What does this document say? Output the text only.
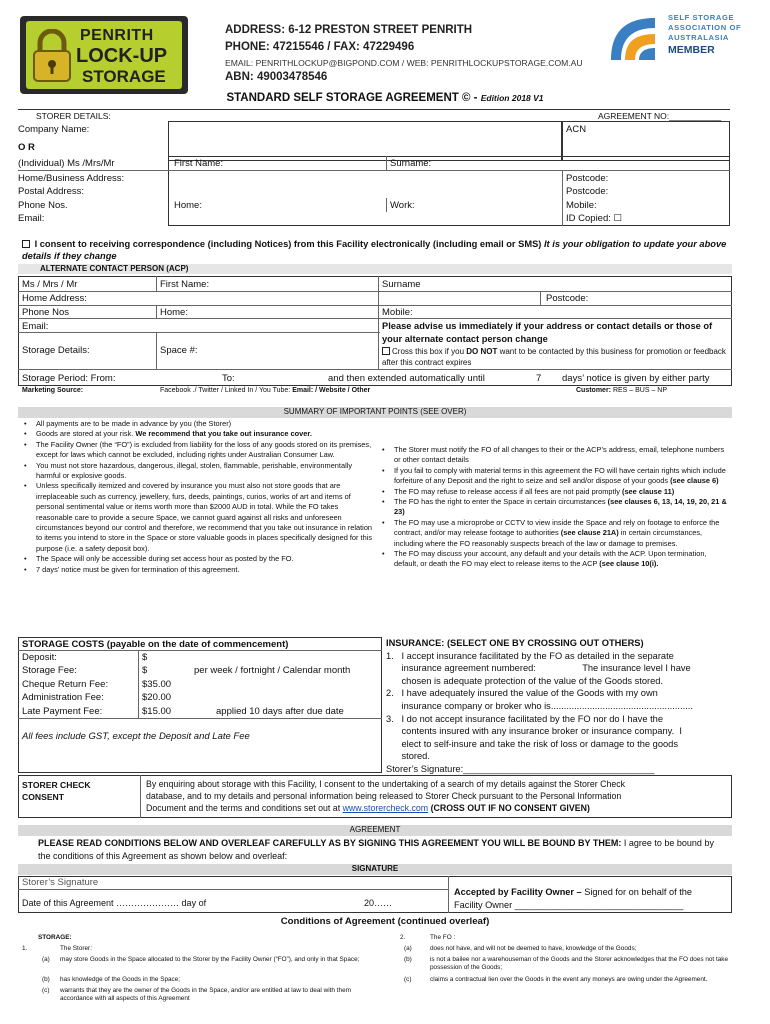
PENRITH
LOCK-UP
STORAGE
ADDRESS: 6-12 PRESTON STREET PENRITH
PHONE: 47215546 / FAX: 47229496
EMAIL: PENRITHLOCKUP@BIGPOND.COM / WEB: PENRITHLOCKUPSTORAGE.COM.AU
ABN: 49003478546
SELF STORAGE
ASSOCIATION OF
AUSTRALASIA
MEMBER
STANDARD SELF STORAGE AGREEMENT © - Edition 2018 V1
STORER DETAILS:	AGREEMENT NO:___________
Company Name:	ACN
O R
(Individual) Ms /Mrs/Mr	First Name:	Surname:
Home/Business Address:	Postcode:
Postal Address:	Postcode:
Phone Nos.	Home:	Work:	Mobile:
Email:	ID Copied: ☐
I consent to receiving correspondence (including Notices) from this Facility electronically (including email or SMS) It is your obligation to update your above details if they change
ALTERNATE CONTACT PERSON (ACP)
Ms / Mrs / Mr	First Name:	Surname
Home Address:	Postcode:
Phone Nos	Home:	Mobile:
Email:	Please advise us immediately if your address or contact details or those of your alternate contact person change
Storage Details:	Space #:	Cross this box if you DO NOT want to be contacted by this business for promotion or feedback after this contract expires
Storage Period: From:	To:	and then extended automatically until	7 days’ notice is given by either party
Marketing Source:	Facebook ./ Twitter / Linked In / You Tube: Email: / Website / Other	Customer: RES – BUS – NP
SUMMARY OF IMPORTANT POINTS (SEE OVER)
• All payments are to be made in advance by you (the Storer)
• Goods are stored at your risk. We recommend that you take out insurance cover.
• The Facility Owner (the “FO”) is excluded from liability for the loss of any goods stored on its premises, except for laws which cannot be excluded, including rights under Australian Consumer Law.
• You must not store hazardous, dangerous, illegal, stolen, flammable, perishable, environmentally harmful or explosive goods.
• Unless specifically itemized and covered by insurance you must also not store goods that are irreplaceable such as currency, jewellery, furs, deeds, paintings, curios, works of art and items of personal sentimental value or items worth more than $2000 AUD in total. While the FO takes reasonable care to provide a secure Space, we cannot guard against all risks and unforeseen circumstances beyond our control and therefore, we recommend that you take out insurance in relation to items you intend to store in the Space or store valuable goods in places specifically designed for this purpose (i.e. a safety deposit box).
• The Space will only be accessible during set access hour as posted by the FO.
• 7 days’ notice must be given for termination of this agreement.
• The Storer must notify the FO of all changes to their or the ACP’s address, email, telephone numbers or other contact details
• If you fail to comply with material terms in this agreement the FO will have certain rights which include forfeiture of any Deposit and the right to seize and sell and/or dispose of your goods (see clause 6)
• The FO may refuse to release access if all fees are not paid promptly (see clause 11)
• The FO has the right to enter the Space in certain circumstances (see clauses 6, 13, 14, 19, 20, 21 & 23)
• The FO may use a microprobe or CCTV to view inside the Space and rely on footage to enforce the contract, and/or may release footage to authorities (see clause 21A) in certain circumstances, including where the FO reasonably suspects breach of the law or damage to premises.
• The FO may discuss your account, any default and your details with the ACP. Upon termination, default, or death the FO may elect to release items to the ACP (see clause 10(i).
STORAGE COSTS (payable on the date of commencement)
Deposit:	$
Storage Fee:	$	per week / fortnight / Calendar month
Cheque Return Fee:	$35.00
Administration Fee:	$20.00
Late Payment Fee:	$15.00	applied 10 days after due date
All fees include GST, except the Deposit and Late Fee
INSURANCE: (SELECT ONE BY CROSSING OUT OTHERS)
1.   I accept insurance facilitated by the FO as detailed in the separate
insurance agreement numbered:                  The insurance level I have
chosen is adequate protection of the value of the Goods stored.
2.   I have adequately insured the value of the Goods with my own
insurance company or broker who is.......................................................
3.   I do not accept insurance facilitated by the FO nor do I have the
contents insured with any insurance broker or insurance company.  I
elect to self-insure and take the risk of loss or damage to the goods
stored.
Storer’s Signature:_____________________________________
STORER CHECK
CONSENT
By enquiring about storage with this Facility, I consent to the undertaking of a search of my details against the Storer Check
database, and to my details and personal information being released to Storer Check pursuant to the Personal Information
Document and the terms and conditions set out at www.storercheck.com (CROSS OUT IF NO CONSENT GIVEN)
AGREEMENT
PLEASE READ CONDITIONS BELOW AND OVERLEAF CAREFULLY AS BY SIGNING THIS AGREEMENT YOU WILL BE BOUND BY THEM: I agree to be bound by
the conditions of this Agreement as shown below and overleaf:
SIGNATURE
Storer’s Signature
Date of this Agreement ………………… day of	20……
Accepted by Facility Owner – Signed for on behalf of the
Facility Owner _________________________________
Conditions of Agreement (continued overleaf)
STORAGE:
1.	The Storer:
(a) may store Goods in the Space allocated to the Storer by the Facility Owner (“FO”), and only in that Space;
(b) has knowledge of the Goods in the Space;
(c) warrants that they are the owner of the Goods in the Space, and/or are entitled at law to deal with them accordance with all aspects of this Agreement
2.	The FO :
(a)	does not have, and will not be deemed to have, knowledge of the Goods;
(b)	is not a bailee nor a warehouseman of the Goods and the Storer acknowledges that the FO does not take possession of the Goods;
(c)	claims a contractual lien over the Goods in the event any moneys are owing under the Agreement.
